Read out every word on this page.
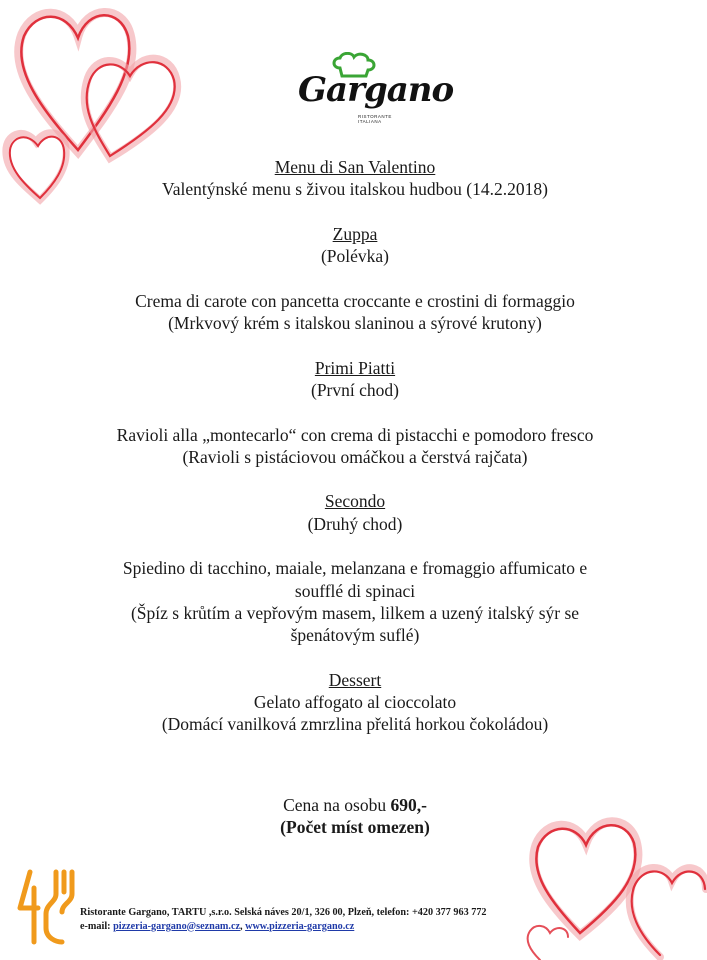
Gargano
RISTORANTE ITALIANA

Menu di San Valentino

Valentýnské menu s živou italskou hudbou (14.2.2018)

Zuppa

(Polévka)

Crema di carote con pancetta croccante e crostini di formaggio

(Mrkvový krém s italskou slaninou a sýrové krutony)

Primi Piatti

(První chod)

Ravioli alla „montecarlo“ con crema di pistacchi e pomodoro fresco

(Ravioli s pistáciovou omáčkou a čerstvá rajčata)

Secondo

(Druhý chod)

Spiedino di tacchino, maiale, melanzana e fromaggio affumicato e

soufflé di spinaci

(Špíz s krůtím a vepřovým masem, lilkem a uzený italský sýr se

špenátovým suflé)

Dessert

Gelato affogato al cioccolato

(Domácí vanilková zmrzlina přelitá horkou čokoládou)

Cena na osobu 690,-

(Počet míst omezen)

Ristorante Gargano, TARTU ,s.r.o. Selská náves 20/1, 326 00, Plzeň, telefon: +420 377 963 772
e-mail: pizzeria-gargano@seznam.cz, www.pizzeria-gargano.cz
